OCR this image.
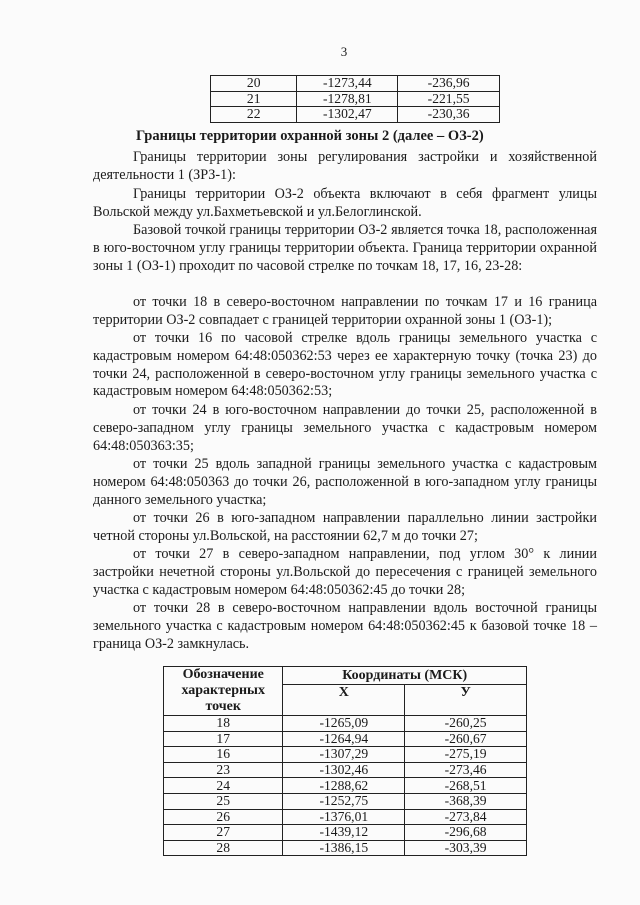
3
20	-1273,44	-236,96
21	-1278,81	-221,55
22	-1302,47	-230,36
Границы территории охранной зоны 2 (далее – ОЗ-2)

Границы территории зоны регулирования застройки и хозяйственной деятельности 1 (ЗРЗ-1):

Границы территории ОЗ-2 объекта включают в себя фрагмент улицы Вольской между ул.Бахметьевской и ул.Белоглинской.

Базовой точкой границы территории ОЗ-2 является точка 18, расположенная в юго-восточном углу границы территории объекта. Граница территории охранной зоны 1 (ОЗ-1) проходит по часовой стрелке по точкам 18, 17, 16, 23-28:

от точки 18 в северо-восточном направлении по точкам 17 и 16 граница территории ОЗ-2 совпадает с границей территории охранной зоны 1 (ОЗ-1);

от точки 16 по часовой стрелке вдоль границы земельного участка с кадастровым номером 64:48:050362:53 через ее характерную точку (точка 23) до точки 24, расположенной в северо-восточном углу границы земельного участка с кадастровым номером 64:48:050362:53;

от точки 24 в юго-восточном направлении до точки 25, расположенной в северо-западном углу границы земельного участка с кадастровым номером 64:48:050363:35;

от точки 25 вдоль западной границы земельного участка с кадастровым номером 64:48:050363 до точки 26, расположенной в юго-западном углу границы данного земельного участка;

от точки 26 в юго-западном направлении параллельно линии застройки четной стороны ул.Вольской, на расстоянии 62,7 м до точки 27;

от точки 27 в северо-западном направлении, под углом 30° к линии застройки нечетной стороны ул.Вольской до пересечения с границей земельного участка с кадастровым номером 64:48:050362:45 до точки 28;

от точки 28 в северо-восточном направлении вдоль восточной границы земельного участка с кадастровым номером 64:48:050362:45 к базовой точке 18 – граница ОЗ-2 замкнулась.

Обозначение характерных точек	Координаты (МСК)	
	Х	У
18	-1265,09	-260,25
17	-1264,94	-260,67
16	-1307,29	-275,19
23	-1302,46	-273,46
24	-1288,62	-268,51
25	-1252,75	-368,39
26	-1376,01	-273,84
27	-1439,12	-296,68
28	-1386,15	-303,39
